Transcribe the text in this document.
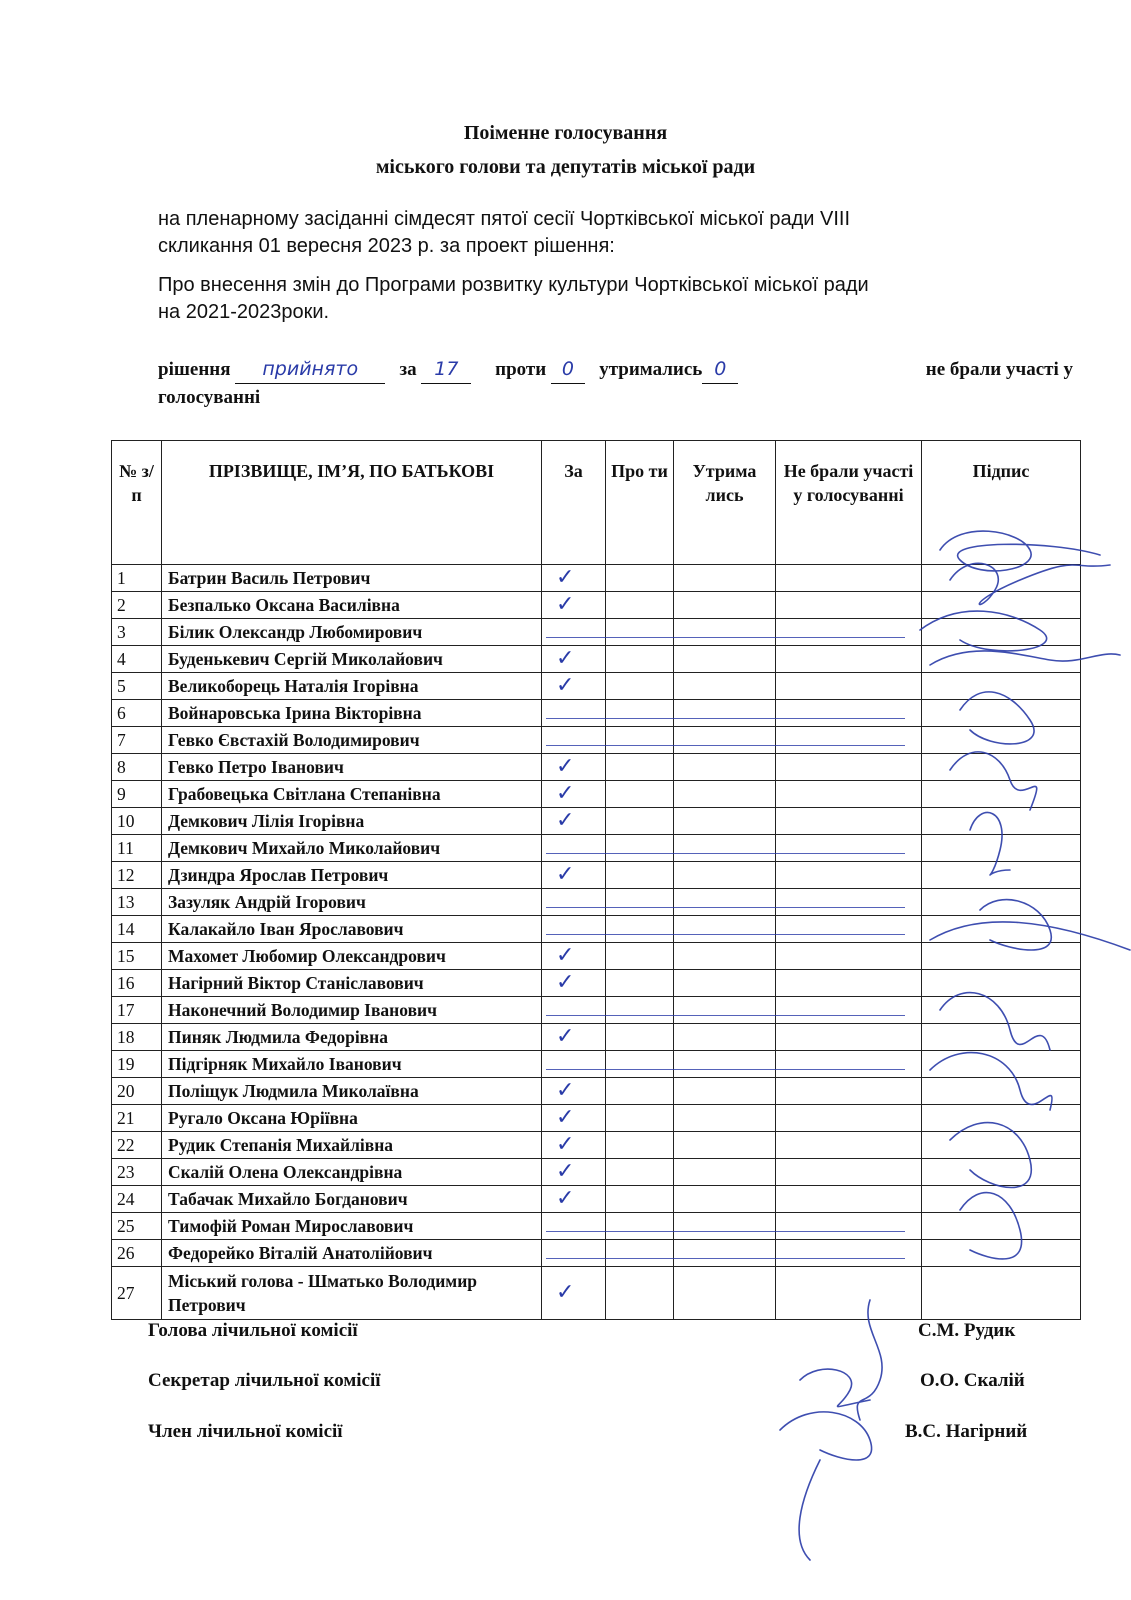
Поіменне голосування
міського голови та депутатів міської ради
на пленарному засіданні сімдесят пятої сесії Чортківської міської ради VIII
скликання 01 вересня 2023 р. за проект рішення:
Про внесення змін до Програми розвитку культури Чортківської міської ради
на 2021-2023роки.
рішення прийнято за 17 проти 0 утримались 0	не брали участі у

голосуванні
№ з/п	ПРІЗВИЩЕ, ІМ’Я, ПО БАТЬКОВІ	За	Про ти	Утрима лись	Не брали участі у голосуванні	Підпис
1	Батрин Василь Петрович	✓				
2	Безпалько Оксана Василівна	✓				
3	Білик Олександр Любомирович	

4	Буденькевич Сергій Миколайович	✓				
5	Великоборець Наталія Ігорівна	✓				
6	Войнаровська Ірина Вікторівна	

7	Гевко Євстахій Володимирович	

8	Гевко Петро Іванович	✓				
9	Грабовецька Світлана Степанівна	✓				
10	Демкович Лілія Ігорівна	✓				
11	Демкович Михайло Миколайович	

12	Дзиндра Ярослав Петрович	✓				
13	Зазуляк Андрій Ігорович	

14	Калакайло Іван Ярославович	

15	Махомет Любомир Олександрович	✓				
16	Нагірний Віктор Станіславович	✓				
17	Наконечний Володимир Іванович	

18	Пиняк Людмила Федорівна	✓				
19	Підгірняк Михайло Іванович	

20	Поліщук Людмила Миколаївна	✓				
21	Ругало Оксана Юріївна	✓				
22	Рудик Степанія Михайлівна	✓				
23	Скалій Олена Олександрівна	✓				
24	Табачак Михайло Богданович	✓				
25	Тимофій Роман Мирославович	

26	Федорейко Віталій Анатолійович	

27	Міський голова - Шматько Володимир Петрович	✓				
Голова лічильної комісії	С.М. Рудик
Секретар лічильної комісії	О.О. Скалій
Член лічильної комісії	В.С. Нагірний
